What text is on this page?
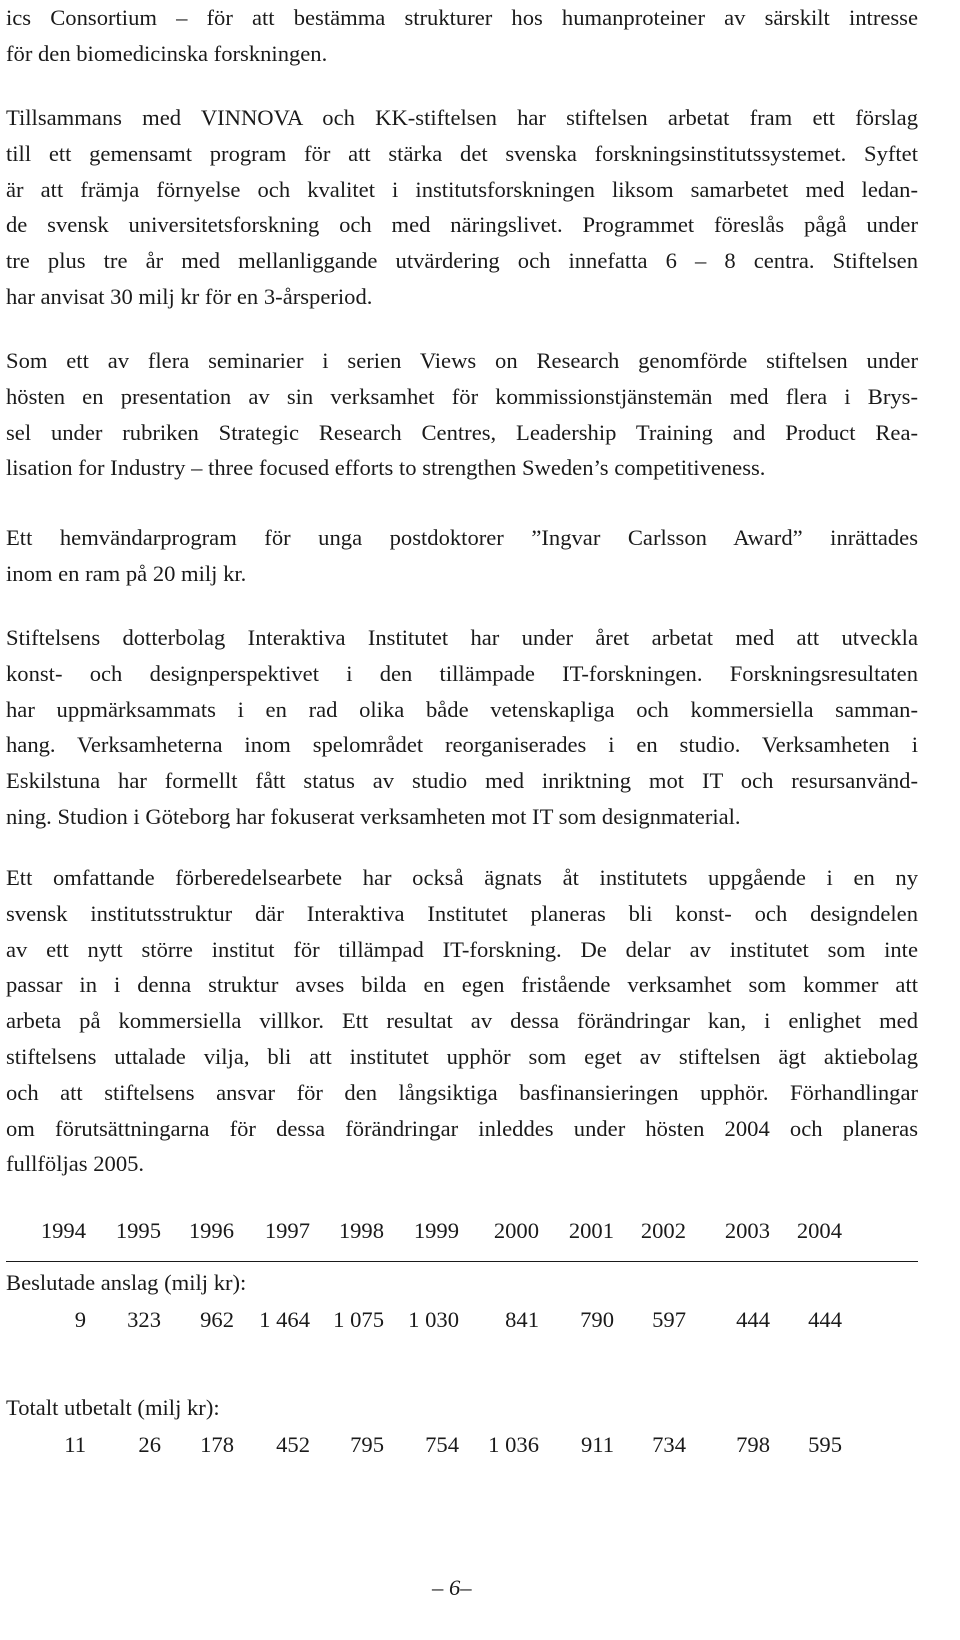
ics Consortium – för att bestämma strukturer hos humanproteiner av särskilt intresse
för den biomedicinska forskningen.
Tillsammans med VINNOVA och KK-stiftelsen har stiftelsen arbetat fram ett förslag
till ett gemensamt program för att stärka det svenska forskningsinstitutssystemet. Syftet
är att främja förnyelse och kvalitet i institutsforskningen liksom samarbetet med ledan-
de svensk universitetsforskning och med näringslivet. Programmet föreslås pågå under
tre plus tre år med mellanliggande utvärdering och innefatta 6 – 8 centra. Stiftelsen
har anvisat 30 milj kr för en 3-årsperiod.
Som ett av flera seminarier i serien Views on Research genomförde stiftelsen under
hösten en presentation av sin verksamhet för kommissionstjänstemän med flera i Brys-
sel under rubriken Strategic Research Centres, Leadership Training and Product Rea-
lisation for Industry – three focused efforts to strengthen Sweden’s competitiveness.
Ett hemvändarprogram för unga postdoktorer ”Ingvar Carlsson Award” inrättades
inom en ram på 20 milj kr.
Stiftelsens dotterbolag Interaktiva Institutet har under året arbetat med att utveckla
konst- och designperspektivet i den tillämpade IT-forskningen. Forskningsresultaten
har uppmärksammats i en rad olika både vetenskapliga och kommersiella samman-
hang. Verksamheterna inom spelområdet reorganiserades i en studio. Verksamheten i
Eskilstuna har formellt fått status av studio med inriktning mot IT och resursanvänd-
ning. Studion i Göteborg har fokuserat verksamheten mot IT som designmaterial.
Ett omfattande förberedelsearbete har också ägnats åt institutets uppgående i en ny
svensk institutsstruktur där Interaktiva Institutet planeras bli konst- och designdelen
av ett nytt större institut för tillämpad IT-forskning. De delar av institutet som inte
passar in i denna struktur avses bilda en egen fristående verksamhet som kommer att
arbeta på kommersiella villkor. Ett resultat av dessa förändringar kan, i enlighet med
stiftelsens uttalade vilja, bli att institutet upphör som eget av stiftelsen ägt aktiebolag
och att stiftelsens ansvar för den långsiktiga basfinansieringen upphör. Förhandlingar
om förutsättningarna för dessa förändringar inleddes under hösten 2004 och planeras
fullföljas 2005.
1994 1995 1996 1997 1998 1999 2000 2001 2002 2003 2004
Beslutade anslag (milj kr):
9 323 962 1 464 1 075 1 030 841 790 597 444 444
Totalt utbetalt (milj kr):
11 26 178 452 795 754 1 036 911 734 798 595
– 6–
